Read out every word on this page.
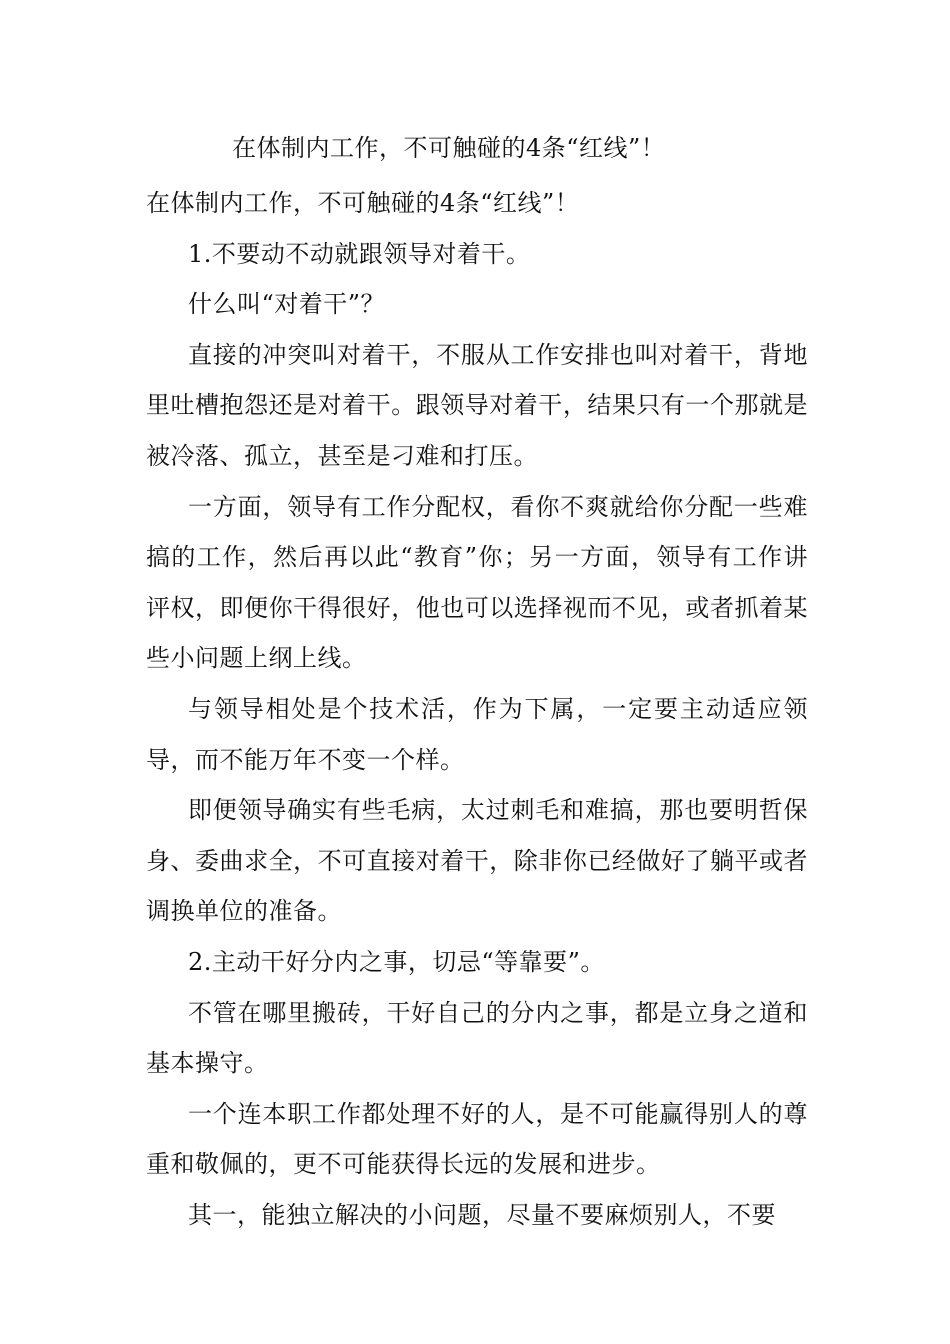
在体制内工作，不可触碰的4条“红线”！

在体制内工作，不可触碰的4条“红线”！

1.不要动不动就跟领导对着干。

什么叫“对着干”？

直接的冲突叫对着干，不服从工作安排也叫对着干，背地里吐槽抱怨还是对着干。跟领导对着干，结果只有一个那就是被冷落、孤立，甚至是刁难和打压。

一方面，领导有工作分配权，看你不爽就给你分配一些难搞的工作，然后再以此“教育”你；另一方面，领导有工作讲评权，即便你干得很好，他也可以选择视而不见，或者抓着某些小问题上纲上线。

与领导相处是个技术活，作为下属，一定要主动适应领导，而不能万年不变一个样。

即便领导确实有些毛病，太过刺毛和难搞，那也要明哲保身、委曲求全，不可直接对着干，除非你已经做好了躺平或者调换单位的准备。

2.主动干好分内之事，切忌“等靠要”。

不管在哪里搬砖，干好自己的分内之事，都是立身之道和基本操守。

一个连本职工作都处理不好的人，是不可能赢得别人的尊重和敬佩的，更不可能获得长远的发展和进步。

其一，能独立解决的小问题，尽量不要麻烦别人，不要
